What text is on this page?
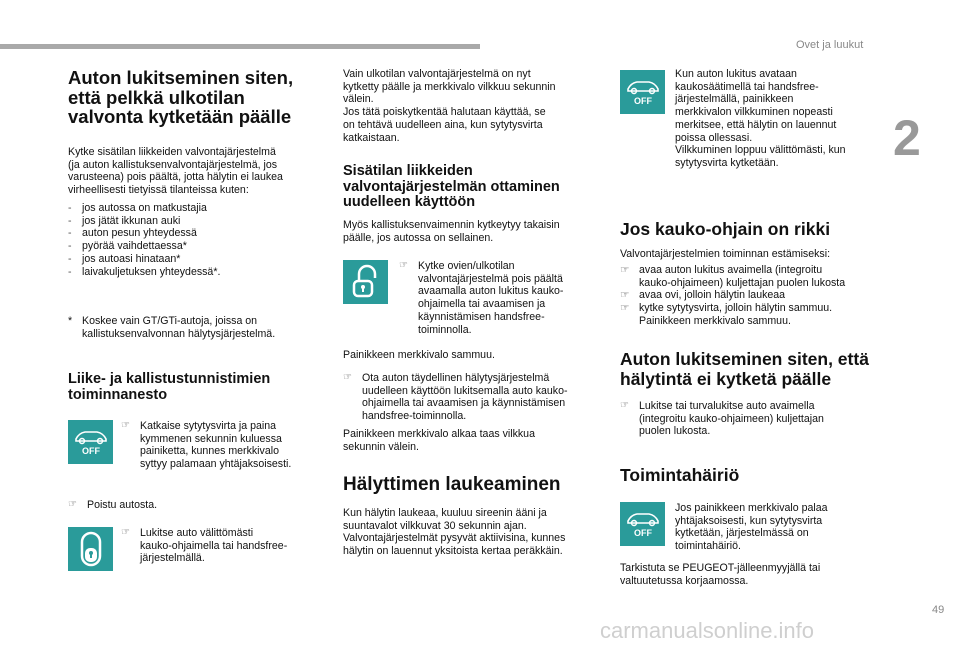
Ovet ja luukut
2
49
carmanualsonline.info
Auton lukitseminen siten,
että pelkkä ulkotilan
valvonta kytketään päälle
Kytke sisätilan liikkeiden valvontajärjestelmä
(ja auton kallistuksenvalvontajärjestelmä, jos
varusteena) pois päältä, jotta hälytin ei laukea
virheellisesti tietyissä tilanteissa kuten:
- jos autossa on matkustajia
- jos jätät ikkunan auki
- auton pesun yhteydessä
- pyörää vaihdettaessa*
- jos autoasi hinataan*
- laivakuljetuksen yhteydessä*.
* Koskee vain GT/GTi-autoja, joissa on
kallistuksenvalvonnan hälytysjärjestelmä.
Liike- ja kallistustunnistimien
toiminnanesto
OFF
☞ Katkaise sytytysvirta ja paina
kymmenen sekunnin kuluessa
painiketta, kunnes merkkivalo
syttyy palamaan yhtäjaksoisesti.
☞ Poistu autosta.
☞ Lukitse auto välittömästi
kauko-ohjaimella tai handsfree-
järjestelmällä.
Vain ulkotilan valvontajärjestelmä on nyt
kytketty päälle ja merkkivalo vilkkuu sekunnin
välein.
Jos tätä poiskytkentää halutaan käyttää, se
on tehtävä uudelleen aina, kun sytytysvirta
katkaistaan.
Sisätilan liikkeiden
valvontajärjestelmän ottaminen
uudelleen käyttöön
Myös kallistuksenvaimennin kytkeytyy takaisin
päälle, jos autossa on sellainen.
☞ Kytke ovien/ulkotilan
valvontajärjestelmä pois päältä
avaamalla auton lukitus kauko-
ohjaimella tai avaamisen ja
käynnistämisen handsfree-
toiminnolla.
Painikkeen merkkivalo sammuu.
☞ Ota auton täydellinen hälytysjärjestelmä
uudelleen käyttöön lukitsemalla auto kauko-
ohjaimella tai avaamisen ja käynnistämisen
handsfree-toiminnolla.
Painikkeen merkkivalo alkaa taas vilkkua
sekunnin välein.
Hälyttimen laukeaminen
Kun hälytin laukeaa, kuuluu sireenin ääni ja
suuntavalot vilkkuvat 30 sekunnin ajan.
Valvontajärjestelmät pysyvät aktiivisina, kunnes
hälytin on lauennut yksitoista kertaa peräkkäin.
OFF
Kun auton lukitus avataan
kaukosäätimellä tai handsfree-
järjestelmällä, painikkeen
merkkivalon vilkkuminen nopeasti
merkitsee, että hälytin on lauennut
poissa ollessasi.
Vilkkuminen loppuu välittömästi, kun
sytytysvirta kytketään.
Jos kauko-ohjain on rikki
Valvontajärjestelmien toiminnan estämiseksi:
☞ avaa auton lukitus avaimella (integroitu
kauko-ohjaimeen) kuljettajan puolen lukosta
☞ avaa ovi, jolloin hälytin laukeaa
☞ kytke sytytysvirta, jolloin hälytin sammuu.
Painikkeen merkkivalo sammuu.
Auton lukitseminen siten, että
hälytintä ei kytketä päälle
☞ Lukitse tai turvalukitse auto avaimella
(integroitu kauko-ohjaimeen) kuljettajan
puolen lukosta.
Toimintahäiriö
OFF
Jos painikkeen merkkivalo palaa
yhtäjaksoisesti, kun sytytysvirta
kytketään, järjestelmässä on
toimintahäiriö.
Tarkistuta se PEUGEOT-jälleenmyyjällä tai
valtuutetussa korjaamossa.
